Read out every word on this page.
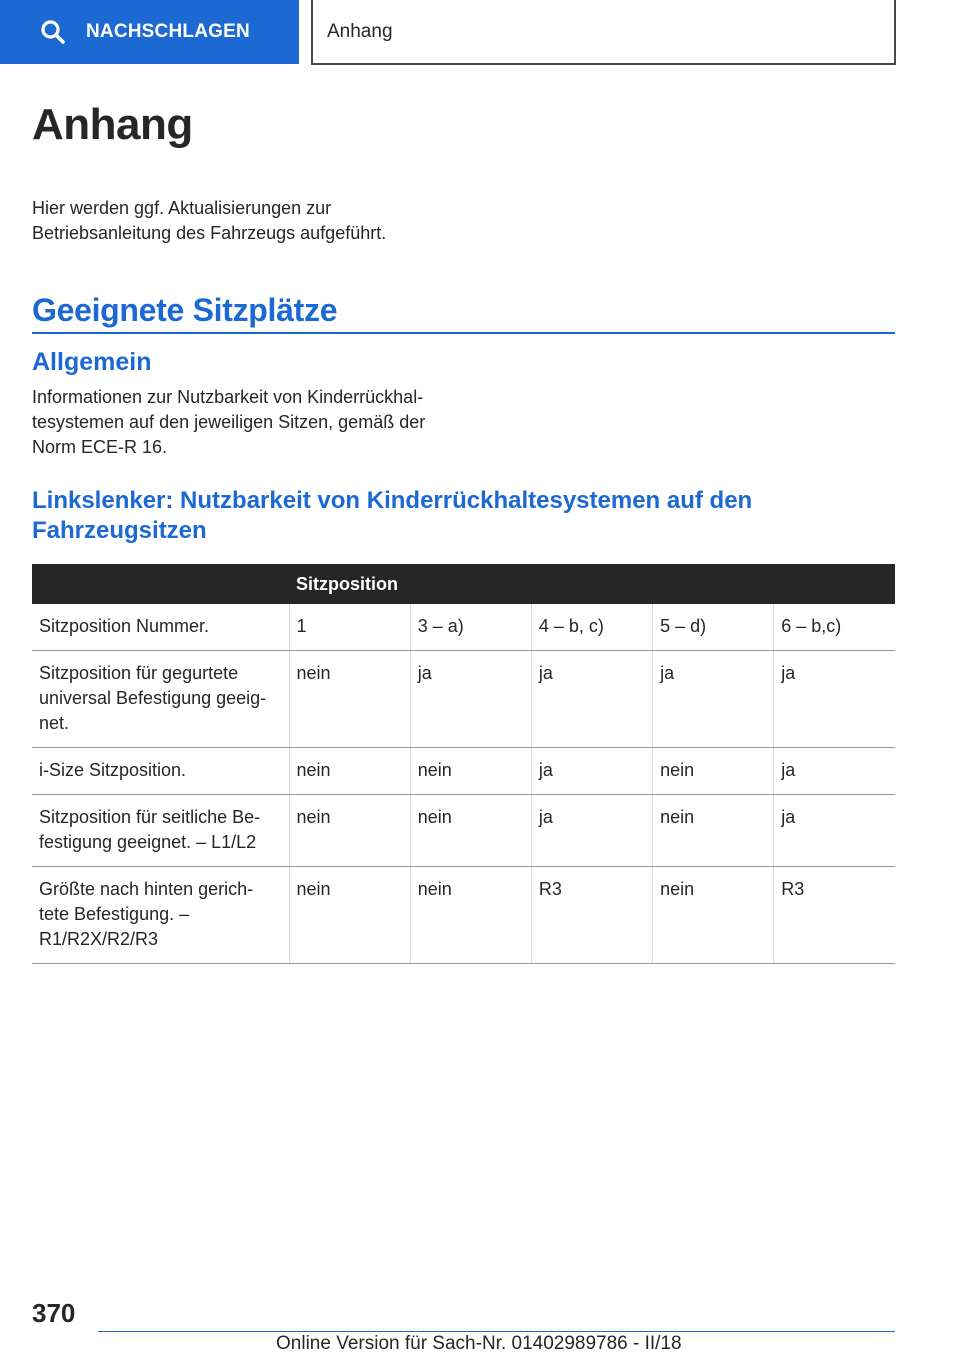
NACHSCHLAGEN	Anhang
Anhang
Hier werden ggf. Aktualisierungen zur
Betriebsanleitung des Fahrzeugs aufgeführt.
Geeignete Sitzplätze
Allgemein
Informationen zur Nutzbarkeit von Kinderrückhal-
tesystemen auf den jeweiligen Sitzen, gemäß der
Norm ECE-R 16.
Linkslenker: Nutzbarkeit von Kinderrückhaltesystemen auf den
Fahrzeugsitzen
	Sitzposition				

Sitzposition Nummer.	1	3 – a)	4 – b, c)	5 – d)	6 – b,c)

Sitzposition für gegurtete
universal Befestigung geeig-
net.	nein	ja	ja	ja	ja

i-Size Sitzposition.	nein	nein	ja	nein	ja

Sitzposition für seitliche Be-
festigung geeignet. – L1/L2	nein	nein	ja	nein	ja

Größte nach hinten gerich-
tete Befestigung. –
R1/R2X/R2/R3	nein	nein	R3	nein	R3
370
Online Version für Sach-Nr. 01402989786 - II/18
